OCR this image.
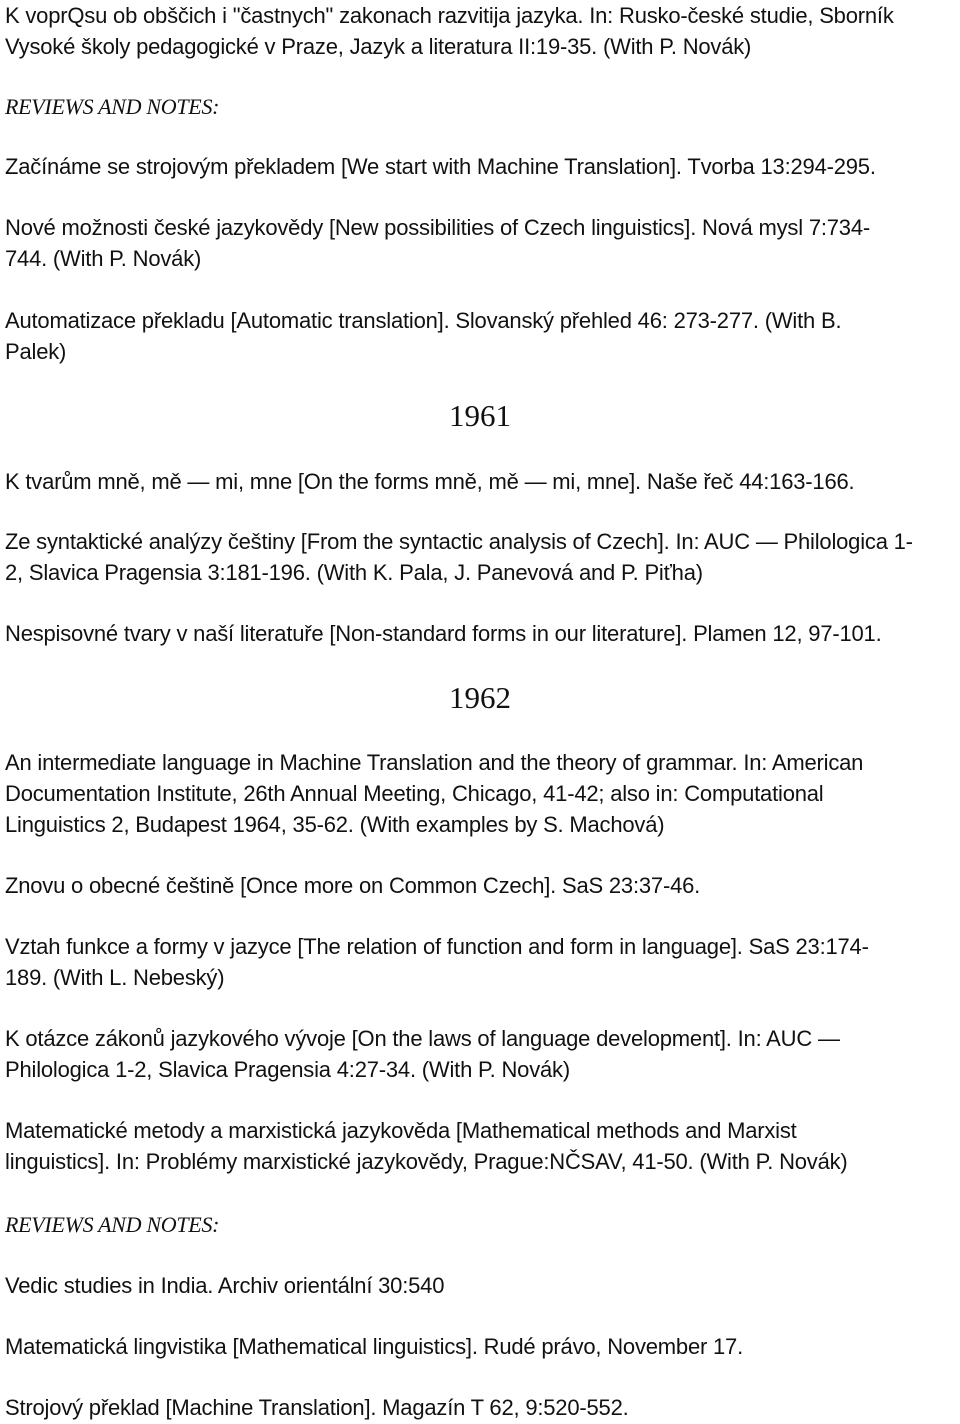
K voprQsu ob obščich i "častnych" zakonach razvitija jazyka. In: Rusko-české studie, Sborník
Vysoké školy pedagogické v Praze, Jazyk a literatura II:19-35. (With P. Novák)
REVIEWS AND NOTES:
Začínáme se strojovým překladem [We start with Machine Translation]. Tvorba 13:294-295.
Nové možnosti české jazykovědy [New possibilities of Czech linguistics]. Nová mysl 7:734-
744. (With P. Novák)
Automatizace překladu [Automatic translation]. Slovanský přehled 46: 273-277. (With B.
Palek)
1961
K tvarům mně, mě — mi, mne [On the forms mně, mě — mi, mne]. Naše řeč 44:163-166.
Ze syntaktické analýzy češtiny [From the syntactic analysis of Czech]. In: AUC — Philologica 1-
2, Slavica Pragensia 3:181-196. (With K. Pala, J. Panevová and P. Piťha)
Nespisovné tvary v naší literatuře [Non-standard forms in our literature]. Plamen 12, 97-101.
1962
An intermediate language in Machine Translation and the theory of grammar. In: American
Documentation Institute, 26th Annual Meeting, Chicago, 41-42; also in: Computational
Linguistics 2, Budapest 1964, 35-62. (With examples by S. Machová)
Znovu o obecné češtině [Once more on Common Czech]. SaS 23:37-46.
Vztah funkce a formy v jazyce [The relation of function and form in language]. SaS 23:174-
189. (With L. Nebeský)
K otázce zákonů jazykového vývoje [On the laws of language development]. In: AUC —
Philologica 1-2, Slavica Pragensia 4:27-34. (With P. Novák)
Matematické metody a marxistická jazykověda [Mathematical methods and Marxist
linguistics]. In: Problémy marxistické jazykovědy, Prague:NČSAV, 41-50. (With P. Novák)
REVIEWS AND NOTES:
Vedic studies in India. Archiv orientální 30:540
Matematická lingvistika [Mathematical linguistics]. Rudé právo, November 17.
Strojový překlad [Machine Translation]. Magazín T 62, 9:520-552.
